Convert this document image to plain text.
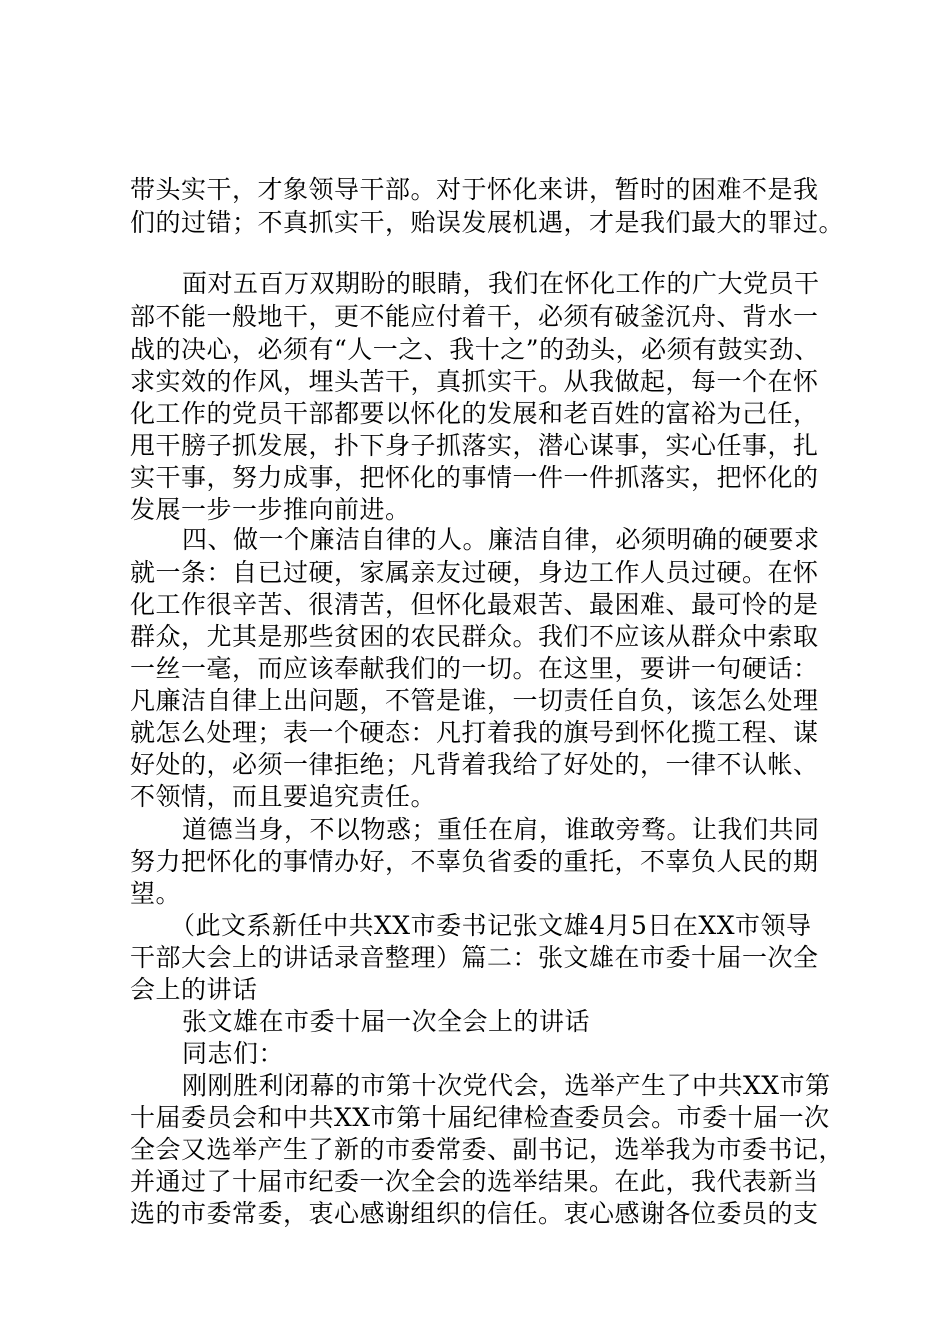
带头实干，才象领导干部。对于怀化来讲，暂时的困难不是我
们的过错；不真抓实干，贻误发展机遇，才是我们最大的罪过。
面对五百万双期盼的眼睛，我们在怀化工作的广大党员干
部不能一般地干，更不能应付着干，必须有破釜沉舟、背水一
战的决心，必须有“人一之、我十之”的劲头，必须有鼓实劲、
求实效的作风，埋头苦干，真抓实干。从我做起，每一个在怀
化工作的党员干部都要以怀化的发展和老百姓的富裕为己任，
甩干膀子抓发展，扑下身子抓落实，潜心谋事，实心任事，扎
实干事，努力成事，把怀化的事情一件一件抓落实，把怀化的
发展一步一步推向前进。
四、做一个廉洁自律的人。廉洁自律，必须明确的硬要求
就一条：自已过硬，家属亲友过硬，身边工作人员过硬。在怀
化工作很辛苦、很清苦，但怀化最艰苦、最困难、最可怜的是
群众，尤其是那些贫困的农民群众。我们不应该从群众中索取
一丝一毫，而应该奉献我们的一切。在这里，要讲一句硬话：
凡廉洁自律上出问题，不管是谁，一切责任自负，该怎么处理
就怎么处理；表一个硬态：凡打着我的旗号到怀化揽工程、谋
好处的，必须一律拒绝；凡背着我给了好处的，一律不认帐、
不领情，而且要追究责任。
道德当身，不以物惑；重任在肩，谁敢旁骛。让我们共同
努力把怀化的事情办好，不辜负省委的重托，不辜负人民的期
望。
（此文系新任中共XX市委书记张文雄4月5日在XX市领导
干部大会上的讲话录音整理）篇二：张文雄在市委十届一次全
会上的讲话
张文雄在市委十届一次全会上的讲话
同志们：
刚刚胜利闭幕的市第十次党代会，选举产生了中共XX市第
十届委员会和中共XX市第十届纪律检查委员会。市委十届一次
全会又选举产生了新的市委常委、副书记，选举我为市委书记，
并通过了十届市纪委一次全会的选举结果。在此，我代表新当
选的市委常委，衷心感谢组织的信任。衷心感谢各位委员的支
